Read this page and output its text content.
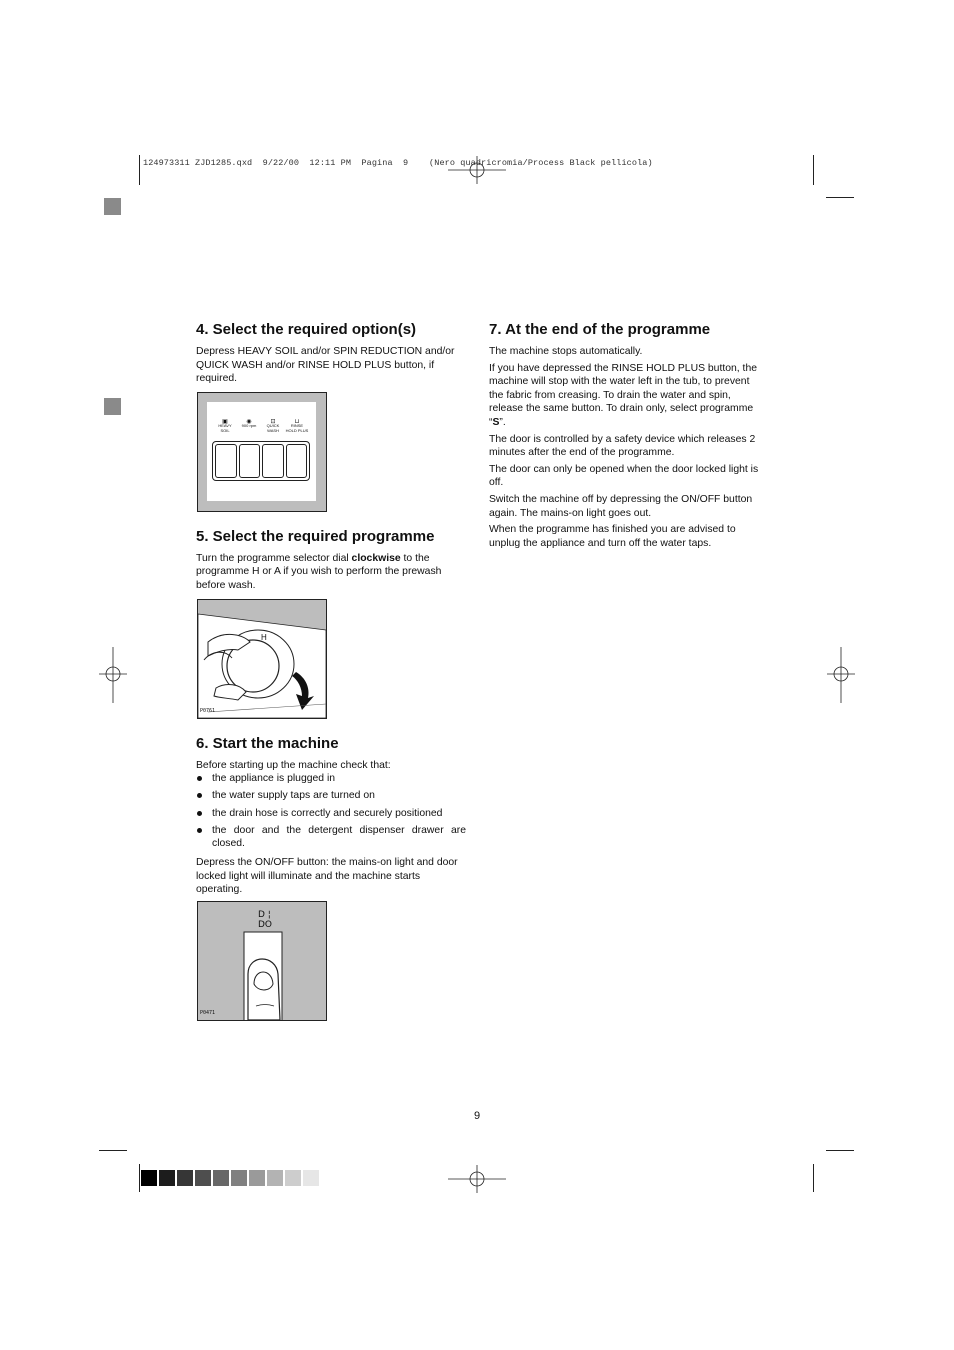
124973311 ZJD1285.qxd  9/22/00  12:11 PM  Pagina  9    (Nero quadricromia/Process Black pellicola)
4. Select the required option(s)

Depress HEAVY SOIL and/or SPIN REDUCTION and/or QUICK WASH and/or RINSE HOLD PLUS button, if required.

▣
HEAVY
SOIL
◉
900 rpm
⊡
QUICK
WASH
⊔
RINSE
HOLD PLUS
5. Select the required programme

Turn the programme selector dial clockwise to the programme H or A if you wish to perform the prewash before wash.

H
P0761
6. Start the machine

Before starting up the machine check that:

the appliance is plugged in
the water supply taps are turned on
the drain hose is correctly and securely positioned
the door and the detergent dispenser drawer are closed.

Depress the ON/OFF button: the mains-on light and door locked light will illuminate and the machine starts operating.

D ¦
DO
P0471
7. At the end of the programme

The machine stops automatically.

If you have depressed the RINSE HOLD PLUS button, the machine will stop with the water left in the tub, to prevent the fabric from creasing. To drain the water and spin, release the same button. To drain only, select programme “S”.

The door is controlled by a safety device which releases 2 minutes after the end of the programme.

The door can only be opened when the door locked light is off.

Switch the machine off by depressing the ON/OFF button again. The mains-on light goes out.

When the programme has finished you are advised to unplug the appliance and turn off the water taps.

9
